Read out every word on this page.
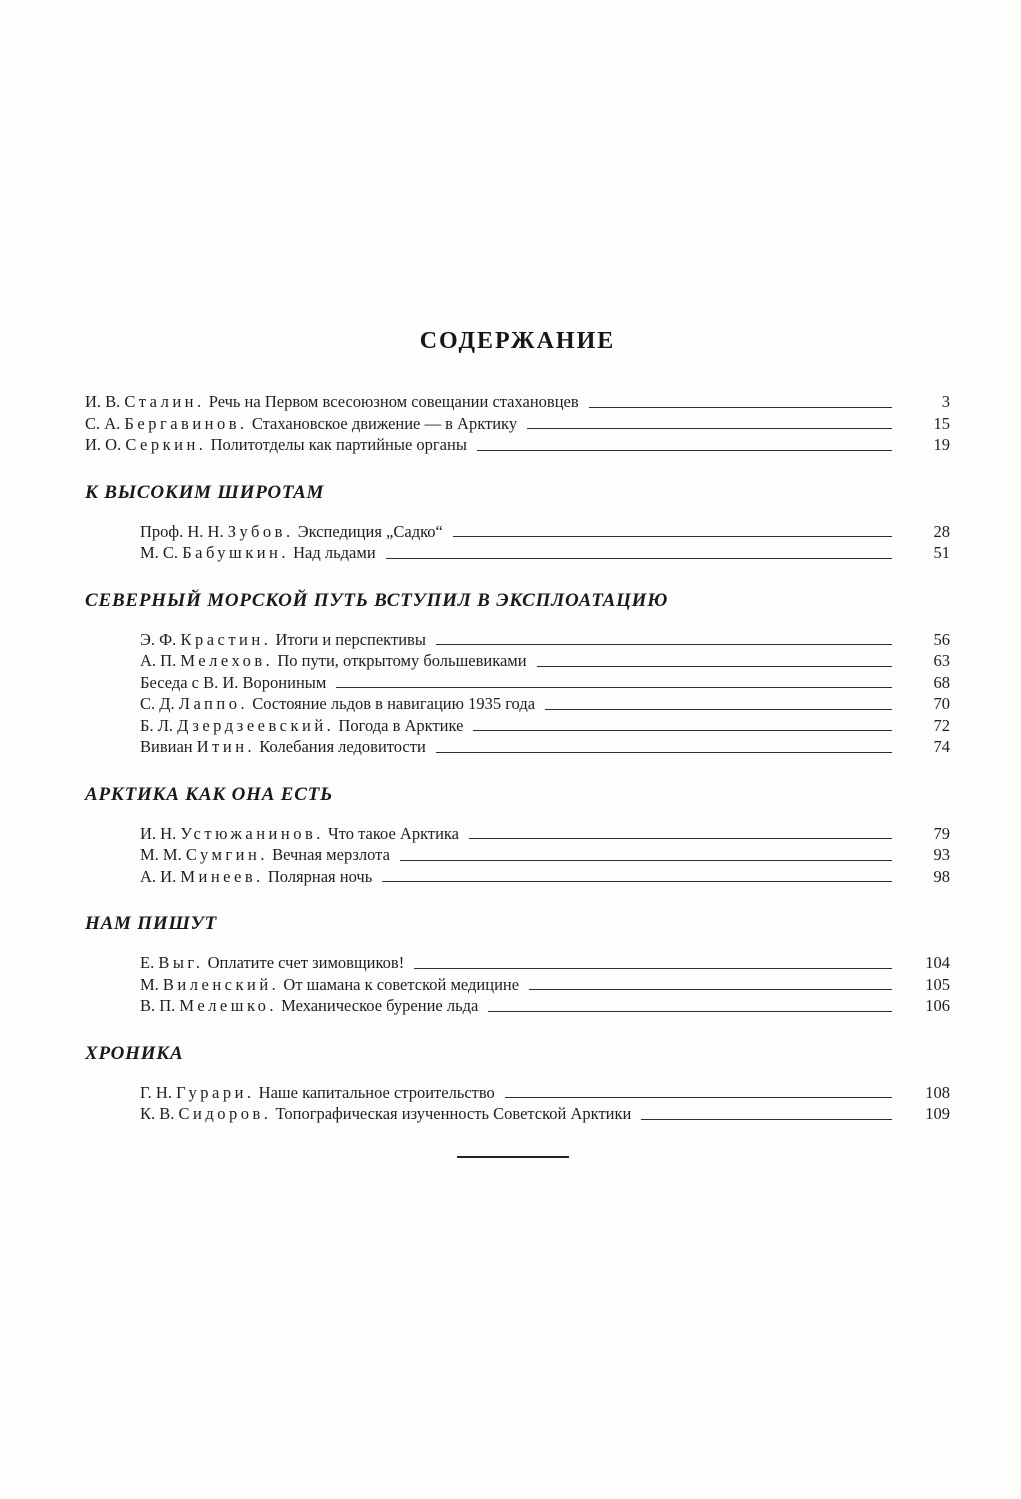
СОДЕРЖАНИЕ
И. В. Сталин. Речь на Первом всесоюзном совещании стахановцев	3
С. А. Бергавинов. Стахановское движение — в Арктику	15
И. О. Серкин. Политотделы как партийные органы	19
К ВЫСОКИМ ШИРОТАМ
Проф. Н. Н. Зубов. Экспедиция „Садко“	28
М. С. Бабушкин. Над льдами	51
СЕВЕРНЫЙ МОРСКОЙ ПУТЬ ВСТУПИЛ В ЭКСПЛОАТАЦИЮ
Э. Ф. Крастин. Итоги и перспективы	56
А. П. Мелехов. По пути, открытому большевиками	63
Беседа с В. И. Ворониным	68
С. Д. Лаппо. Состояние льдов в навигацию 1935 года	70
Б. Л. Дзердзеевский. Погода в Арктике	72
Вивиан Итин. Колебания ледовитости	74
АРКТИКА КАК ОНА ЕСТЬ
И. Н. Устюжанинов. Что такое Арктика	79
М. М. Сумгин. Вечная мерзлота	93
А. И. Минеев. Полярная ночь	98
НАМ ПИШУТ
Е. Выг. Оплатите счет зимовщиков!	104
М. Виленский. От шамана к советской медицине	105
В. П. Мелешко. Механическое бурение льда	106
ХРОНИКА
Г. Н. Гурари. Наше капитальное строительство	108
К. В. Сидоров. Топографическая изученность Советской Арктики	109
